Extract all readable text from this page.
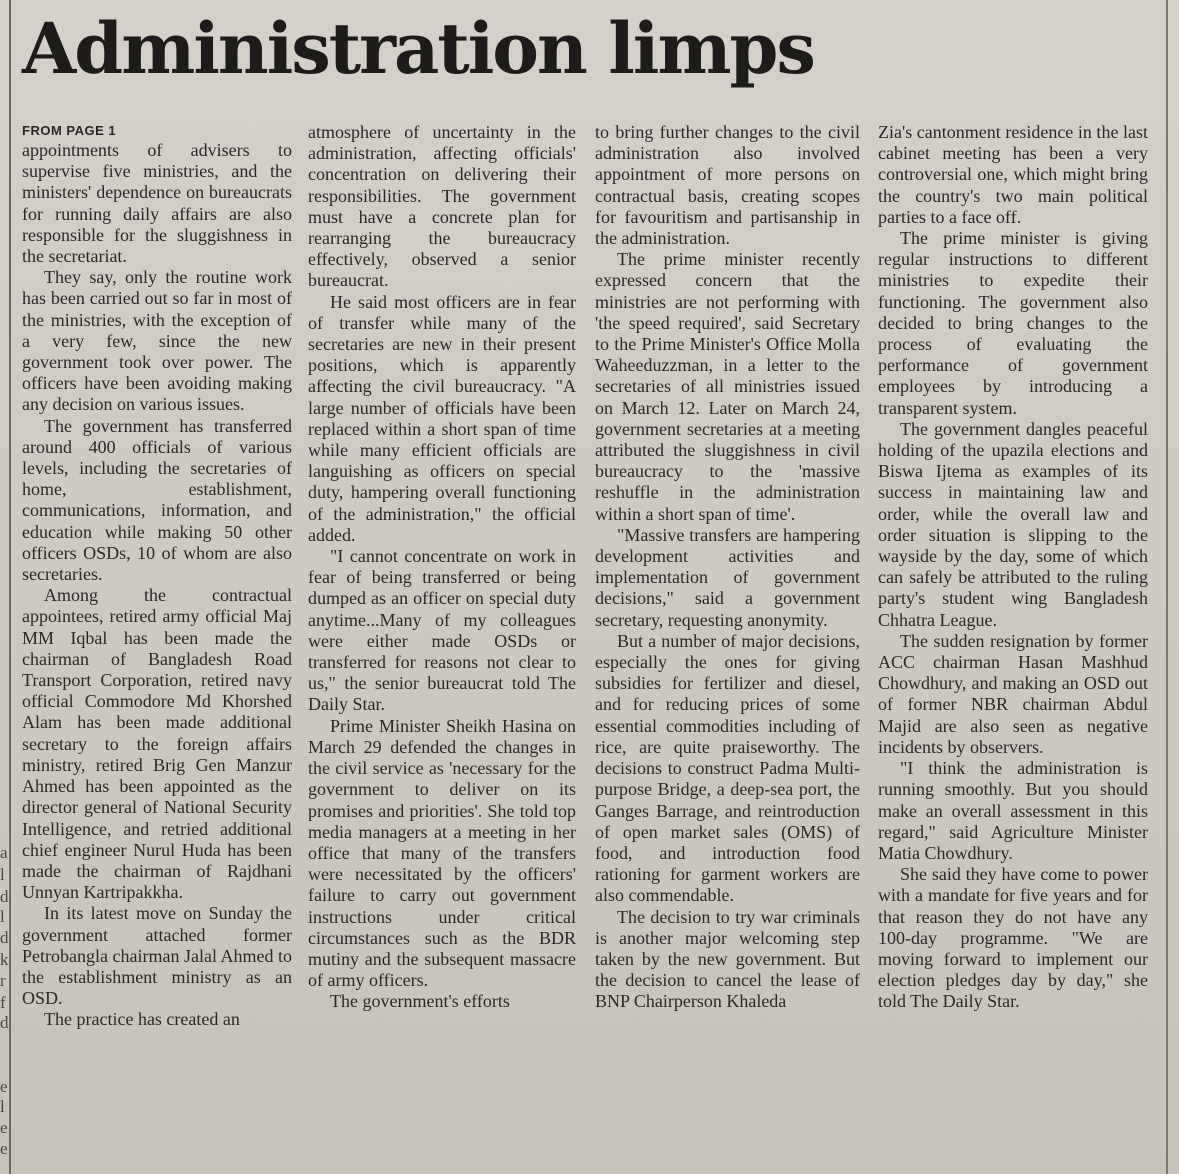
a
l
d
l
d
k
r
f
d
e
l
e
e
Administration limps
FROM PAGE 1

appointments of advisers to supervise five ministries, and the ministers' dependence on bureaucrats for running daily affairs are also responsible for the sluggishness in the secretariat.

They say, only the routine work has been carried out so far in most of the ministries, with the exception of a very few, since the new government took over power. The officers have been avoiding making any decision on various issues.

The government has transferred around 400 officials of various levels, including the secretaries of home, establishment, communications, information, and education while making 50 other officers OSDs, 10 of whom are also secretaries.

Among the contractual appointees, retired army official Maj MM Iqbal has been made the chairman of Bangladesh Road Transport Corporation, retired navy official Commodore Md Khorshed Alam has been made additional secretary to the foreign affairs ministry, retired Brig Gen Manzur Ahmed has been appointed as the director general of National Security Intelligence, and retried additional chief engineer Nurul Huda has been made the chairman of Rajdhani Unnyan Kartripakkha.

In its latest move on Sunday the government attached former Petrobangla chairman Jalal Ahmed to the establishment ministry as an OSD.

The practice has created an

atmosphere of uncertainty in the administration, affecting officials' concentration on delivering their responsibilities. The government must have a concrete plan for rearranging the bureaucracy effectively, observed a senior bureaucrat.

He said most officers are in fear of transfer while many of the secretaries are new in their present positions, which is apparently affecting the civil bureaucracy. "A large number of officials have been replaced within a short span of time while many efficient officials are languishing as officers on special duty, hampering overall functioning of the administration," the official added.

"I cannot concentrate on work in fear of being transferred or being dumped as an officer on special duty anytime...Many of my colleagues were either made OSDs or transferred for reasons not clear to us," the senior bureaucrat told The Daily Star.

Prime Minister Sheikh Hasina on March 29 defended the changes in the civil service as 'necessary for the government to deliver on its promises and priorities'. She told top media managers at a meeting in her office that many of the transfers were necessitated by the officers' failure to carry out government instructions under critical circumstances such as the BDR mutiny and the subsequent massacre of army officers.

The government's efforts

to bring further changes to the civil administration also involved appointment of more persons on contractual basis, creating scopes for favouritism and partisanship in the administration.

The prime minister recently expressed concern that the ministries are not performing with 'the speed required', said Secretary to the Prime Minister's Office Molla Waheeduzzman, in a letter to the secretaries of all ministries issued on March 12. Later on March 24, government secretaries at a meeting attributed the sluggishness in civil bureaucracy to the 'massive reshuffle in the administration within a short span of time'.

"Massive transfers are hampering development activities and implementation of government decisions," said a government secretary, requesting anonymity.

But a number of major decisions, especially the ones for giving subsidies for fertilizer and diesel, and for reducing prices of some essential commodities including of rice, are quite praiseworthy. The decisions to construct Padma Multi-purpose Bridge, a deep-sea port, the Ganges Barrage, and reintroduction of open market sales (OMS) of food, and introduction food rationing for garment workers are also commendable.

The decision to try war criminals is another major welcoming step taken by the new government. But the decision to cancel the lease of BNP Chairperson Khaleda

Zia's cantonment residence in the last cabinet meeting has been a very controversial one, which might bring the country's two main political parties to a face off.

The prime minister is giving regular instructions to different ministries to expedite their functioning. The government also decided to bring changes to the process of evaluating the performance of government employees by introducing a transparent system.

The government dangles peaceful holding of the upazila elections and Biswa Ijtema as examples of its success in maintaining law and order, while the overall law and order situation is slipping to the wayside by the day, some of which can safely be attributed to the ruling party's student wing Bangladesh Chhatra League.

The sudden resignation by former ACC chairman Hasan Mashhud Chowdhury, and making an OSD out of former NBR chairman Abdul Majid are also seen as negative incidents by observers.

"I think the administration is running smoothly. But you should make an overall assessment in this regard," said Agriculture Minister Matia Chowdhury.

She said they have come to power with a mandate for five years and for that reason they do not have any 100-day programme. "We are moving forward to implement our election pledges day by day," she told The Daily Star.
